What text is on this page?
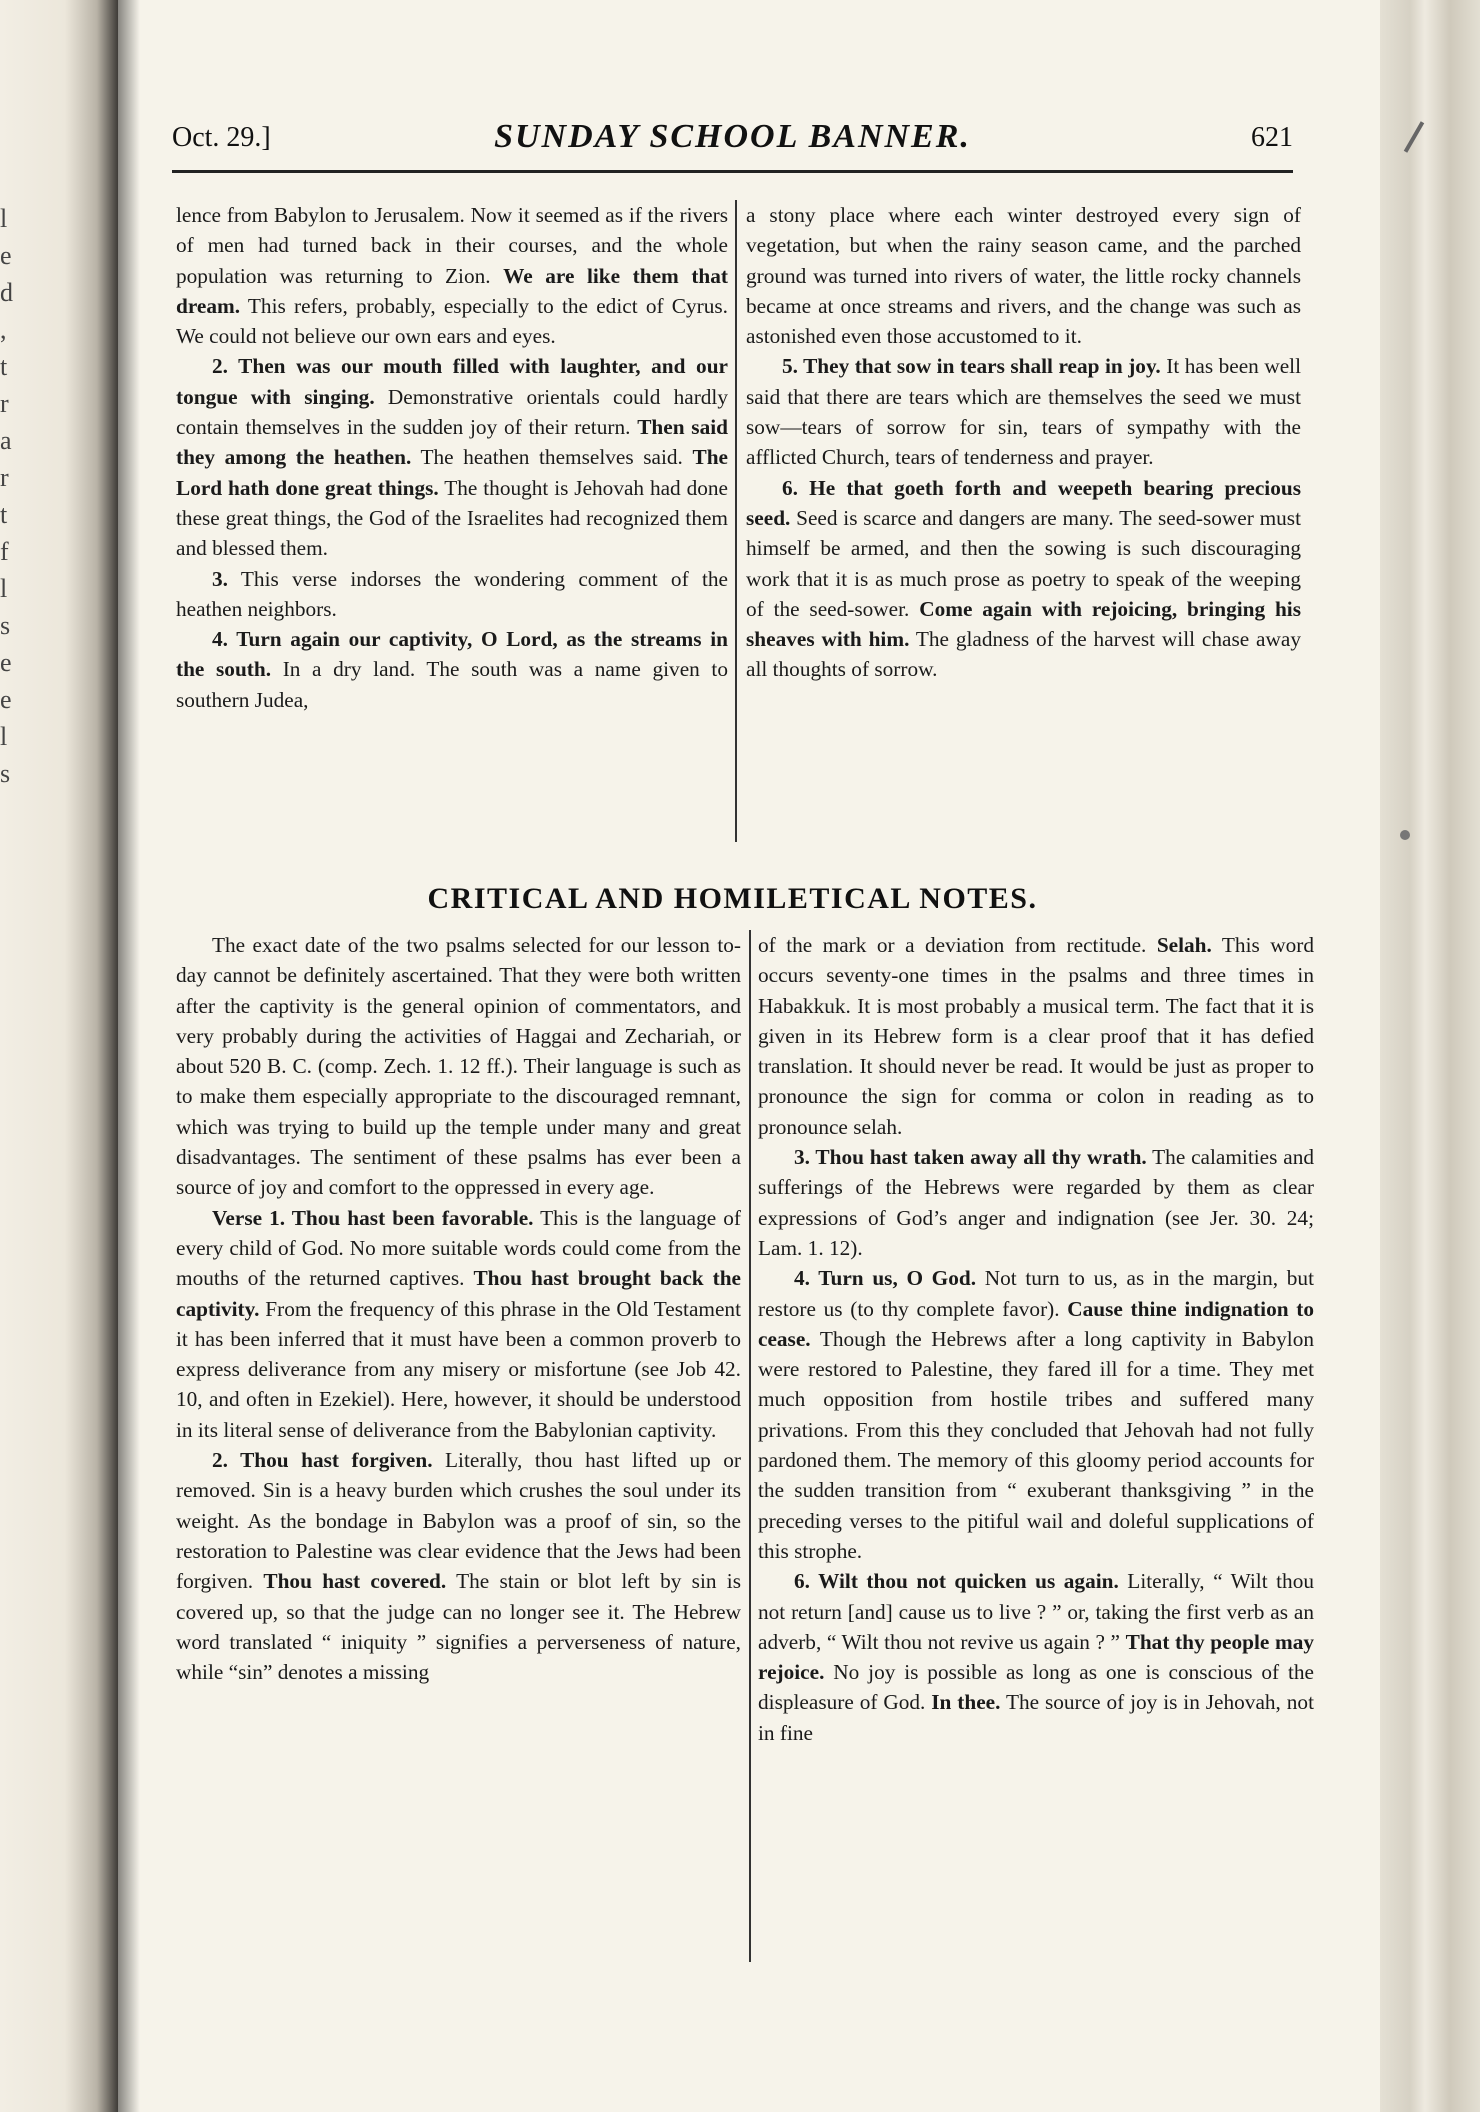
l
e
d
,
t
r
a
r
t
f
l
s
e
e
l
s
Oct. 29.]	SUNDAY SCHOOL BANNER.	621

lence from Babylon to Jerusalem. Now it seemed as if the rivers of men had turned back in their courses, and the whole population was returning to Zion. We are like them that dream. This refers, probably, especially to the edict of Cyrus. We could not believe our own ears and eyes.

2. Then was our mouth filled with laughter, and our tongue with singing. Demonstrative orientals could hardly contain themselves in the sudden joy of their return. Then said they among the heathen. The heathen themselves said. The Lord hath done great things. The thought is Jehovah had done these great things, the God of the Israelites had recognized them and blessed them.

3. This verse indorses the wondering comment of the heathen neighbors.

4. Turn again our captivity, O Lord, as the streams in the south. In a dry land. The south was a name given to southern Judea,

a stony place where each winter destroyed every sign of vegetation, but when the rainy season came, and the parched ground was turned into rivers of water, the little rocky channels became at once streams and rivers, and the change was such as astonished even those accustomed to it.

5. They that sow in tears shall reap in joy. It has been well said that there are tears which are themselves the seed we must sow—tears of sorrow for sin, tears of sympathy with the afflicted Church, tears of tenderness and prayer.

6. He that goeth forth and weepeth bearing precious seed. Seed is scarce and dangers are many. The seed-sower must himself be armed, and then the sowing is such discouraging work that it is as much prose as poetry to speak of the weeping of the seed-sower. Come again with rejoicing, bringing his sheaves with him. The gladness of the harvest will chase away all thoughts of sorrow.

CRITICAL AND HOMILETICAL NOTES.

The exact date of the two psalms selected for our lesson to-day cannot be definitely ascertained. That they were both written after the captivity is the general opinion of commentators, and very probably during the activities of Haggai and Zechariah, or about 520 B. C. (comp. Zech. 1. 12 ff.). Their language is such as to make them especially appropriate to the discouraged remnant, which was trying to build up the temple under many and great disadvantages. The sentiment of these psalms has ever been a source of joy and comfort to the oppressed in every age.

Verse 1. Thou hast been favorable. This is the language of every child of God. No more suitable words could come from the mouths of the returned captives. Thou hast brought back the captivity. From the frequency of this phrase in the Old Testament it has been inferred that it must have been a common proverb to express deliverance from any misery or misfortune (see Job 42. 10, and often in Ezekiel). Here, however, it should be understood in its literal sense of deliverance from the Babylonian captivity.

2. Thou hast forgiven. Literally, thou hast lifted up or removed. Sin is a heavy burden which crushes the soul under its weight. As the bondage in Babylon was a proof of sin, so the restoration to Palestine was clear evidence that the Jews had been forgiven. Thou hast covered. The stain or blot left by sin is covered up, so that the judge can no longer see it. The Hebrew word translated “ iniquity ” signifies a perverseness of nature, while “sin” denotes a missing

of the mark or a deviation from rectitude. Selah. This word occurs seventy-one times in the psalms and three times in Habakkuk. It is most probably a musical term. The fact that it is given in its Hebrew form is a clear proof that it has defied translation. It should never be read. It would be just as proper to pronounce the sign for comma or colon in reading as to pronounce selah.

3. Thou hast taken away all thy wrath. The calamities and sufferings of the Hebrews were regarded by them as clear expressions of God’s anger and indignation (see Jer. 30. 24; Lam. 1. 12).

4. Turn us, O God. Not turn to us, as in the margin, but restore us (to thy complete favor). Cause thine indignation to cease. Though the Hebrews after a long captivity in Babylon were restored to Palestine, they fared ill for a time. They met much opposition from hostile tribes and suffered many privations. From this they concluded that Jehovah had not fully pardoned them. The memory of this gloomy period accounts for the sudden transition from “ exuberant thanksgiving ” in the preceding verses to the pitiful wail and doleful supplications of this strophe.

6. Wilt thou not quicken us again. Literally, “ Wilt thou not return [and] cause us to live ? ” or, taking the first verb as an adverb, “ Wilt thou not revive us again ? ” That thy people may rejoice. No joy is possible as long as one is conscious of the displeasure of God. In thee. The source of joy is in Jehovah, not in fine
